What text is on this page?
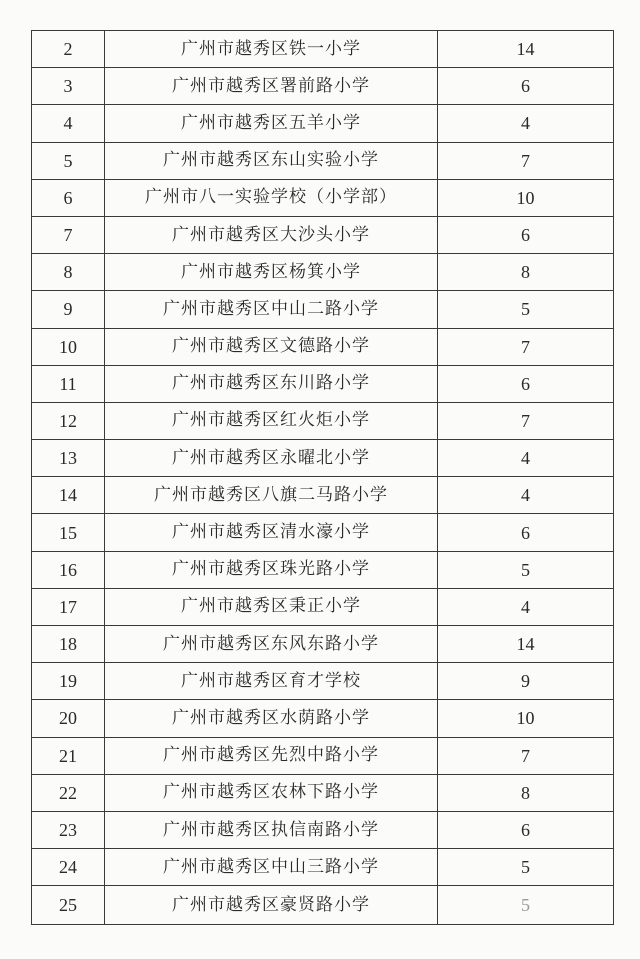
2	广州市越秀区铁一小学	14
3	广州市越秀区署前路小学	6
4	广州市越秀区五羊小学	4
5	广州市越秀区东山实验小学	7
6	广州市八一实验学校（小学部）	10
7	广州市越秀区大沙头小学	6
8	广州市越秀区杨箕小学	8
9	广州市越秀区中山二路小学	5
10	广州市越秀区文德路小学	7
11	广州市越秀区东川路小学	6
12	广州市越秀区红火炬小学	7
13	广州市越秀区永曜北小学	4
14	广州市越秀区八旗二马路小学	4
15	广州市越秀区清水濠小学	6
16	广州市越秀区珠光路小学	5
17	广州市越秀区秉正小学	4
18	广州市越秀区东风东路小学	14
19	广州市越秀区育才学校	9
20	广州市越秀区水荫路小学	10
21	广州市越秀区先烈中路小学	7
22	广州市越秀区农林下路小学	8
23	广州市越秀区执信南路小学	6
24	广州市越秀区中山三路小学	5
25	广州市越秀区豪贤路小学	5
